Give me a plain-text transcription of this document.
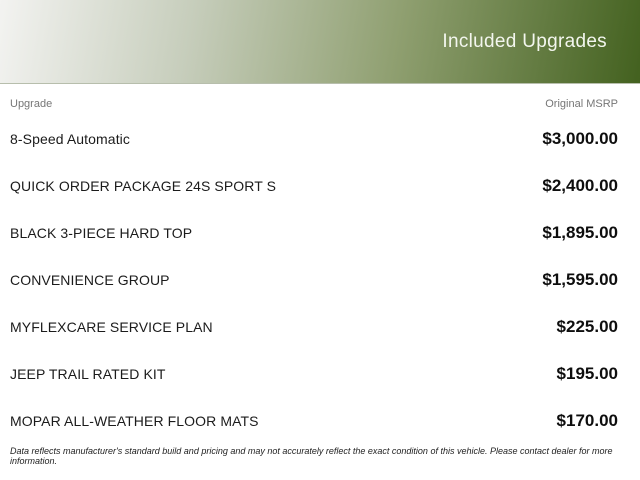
Included Upgrades
Upgrade	Original MSRP
8-Speed Automatic	$3,000.00
QUICK ORDER PACKAGE 24S SPORT S	$2,400.00
BLACK 3-PIECE HARD TOP	$1,895.00
CONVENIENCE GROUP	$1,595.00
MYFLEXCARE SERVICE PLAN	$225.00
JEEP TRAIL RATED KIT	$195.00
MOPAR ALL-WEATHER FLOOR MATS	$170.00
Data reflects manufacturer's standard build and pricing and may not accurately reflect the exact condition of this vehicle. Please contact dealer for more information.
